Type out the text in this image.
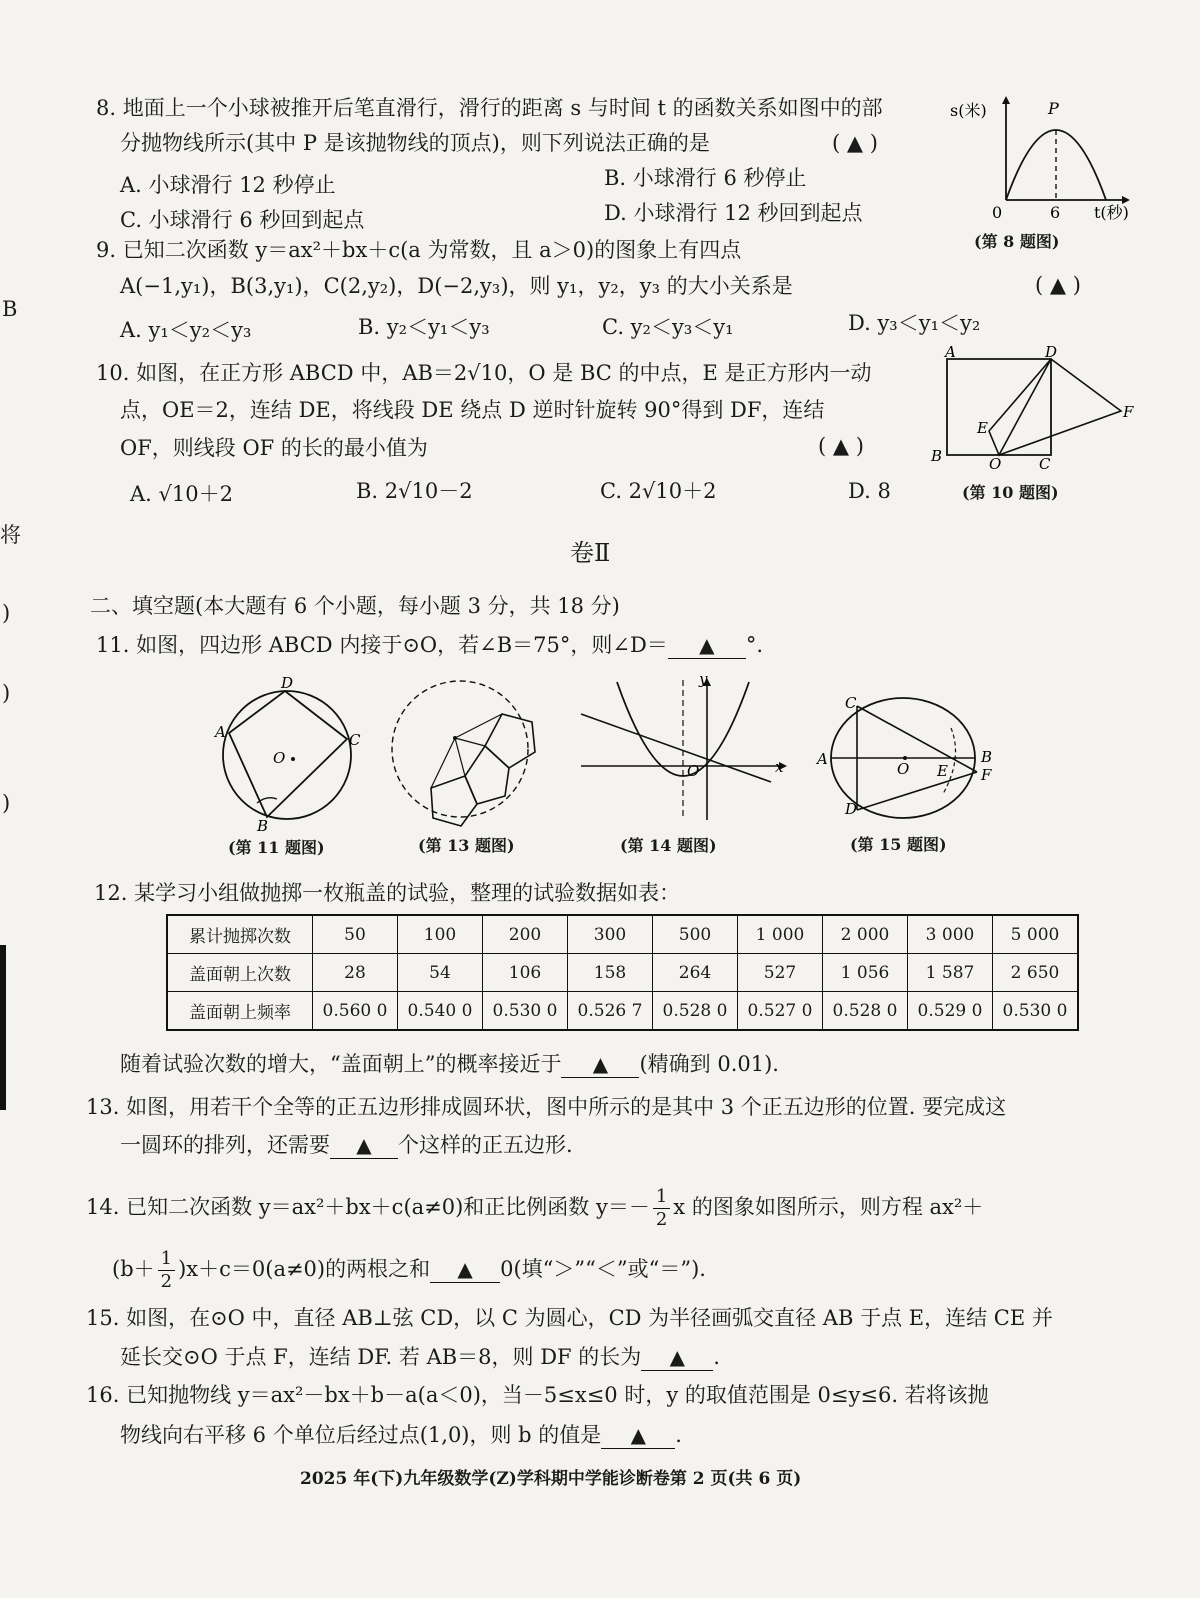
B
将
)
)
)
8. 地面上一个小球被推开后笔直滑行，滑行的距离 s 与时间 t 的函数关系如图中的部
分抛物线所示(其中 P 是该抛物线的顶点)，则下列说法正确的是	( ▲ )
A. 小球滑行 12 秒停止	B. 小球滑行 6 秒停止
C. 小球滑行 6 秒回到起点	D. 小球滑行 12 秒回到起点
s(米)	P
0	6 t(秒)
(第 8 题图)
9. 已知二次函数 y＝ax²＋bx＋c(a 为常数，且 a＞0)的图象上有四点
A(−1,y₁)，B(3,y₁)，C(2,y₂)，D(−2,y₃)，则 y₁，y₂，y₃ 的大小关系是	( ▲ )
A. y₁＜y₂＜y₃	B. y₂＜y₁＜y₃	C. y₂＜y₃＜y₁	D. y₃＜y₁＜y₂
10. 如图，在正方形 ABCD 中，AB＝2√10，O 是 BC 的中点，E 是正方形内一动
点，OE＝2，连结 DE，将线段 DE 绕点 D 逆时针旋转 90°得到 DF，连结
OF，则线段 OF 的长的最小值为	( ▲ )
A. √10＋2	B. 2√10－2	C. 2√10＋2	D. 8
A	D
B	C
E
F
O
(第 10 题图)
卷Ⅱ
二、填空题(本大题有 6 个小题，每小题 3 分，共 18 分)
11. 如图，四边形 ABCD 内接于⊙O，若∠B＝75°，则∠D＝ ▲ °.
D
A	C
B
O
(第 11 题图)	(第 13 题图)
y
x
O
(第 14 题图)
C
A
D
O E
B
F
(第 15 题图)
12. 某学习小组做抛掷一枚瓶盖的试验，整理的试验数据如表：
累计抛掷次数	50	100	200	300	500	1 000	2 000	3 000	5 000
盖面朝上次数	28	54	106	158	264	527	1 056	1 587	2 650
盖面朝上频率	0.560 0	0.540 0	0.530 0	0.526 7	0.528 0	0.527 0	0.528 0	0.529 0	0.530 0
随着试验次数的增大，“盖面朝上”的概率接近于 ▲ (精确到 0.01).
13. 如图，用若干个全等的正五边形排成圆环状，图中所示的是其中 3 个正五边形的位置. 要完成这
一圆环的排列，还需要 ▲ 个这样的正五边形.
14. 已知二次函数 y＝ax²＋bx＋c(a≠0)和正比例函数 $y=- \frac{1}{2}$ x 的图象如图所示，则方程 ax²＋
$(b+ \frac{1}{2} )x+c=0(a\ne 0)$的两根之和 ▲ 0(填“＞”“＜”或“＝”).
15. 如图，在⊙O 中，直径 AB⊥弦 CD，以 C 为圆心，CD 为半径画弧交直径 AB 于点 E，连结 CE 并
延长交⊙O 于点 F，连结 DF. 若 AB＝8，则 DF 的长为 ▲ .
16. 已知抛物线 y＝ax²－bx＋b－a(a＜0)，当－5≤x≤0 时，y 的取值范围是 0≤y≤6. 若将该抛
物线向右平移 6 个单位后经过点(1,0)，则 b 的值是 ▲ .
2025 年(下)九年级数学(Z)学科期中学能诊断卷第 2 页(共 6 页)
